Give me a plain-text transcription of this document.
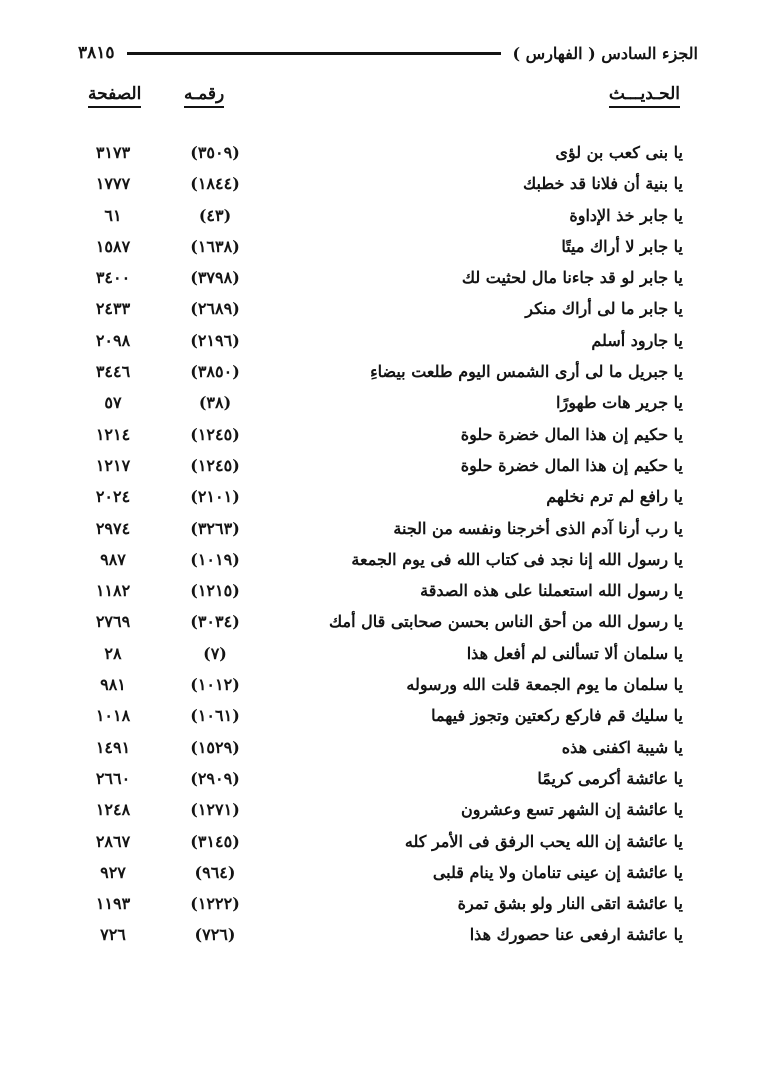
الجزء السادس ( الفهارس )
٣٨١٥
الحـديـــث
رقمـه
الصفحة
يا بنى كعب بن لؤى
(٣٥٠٩)
٣١٧٣
يا بنية أن فلانا قد خطبك
(١٨٤٤)
١٧٧٧
يا جابر خذ الإداوة
(٤٣)
٦١
يا جابر لا أراك ميتًا
(١٦٣٨)
١٥٨٧
يا جابر لو قد جاءنا مال لحثيت لك
(٣٧٩٨)
٣٤٠٠
يا جابر ما لى أراك منكر
(٢٦٨٩)
٢٤٣٣
يا جارود أسلم
(٢١٩٦)
٢٠٩٨
يا جبريل ما لى أرى الشمس اليوم طلعت بيضاءِ
(٣٨٥٠)
٣٤٤٦
يا جرير هات طهورًا
(٣٨)
٥٧
يا حكيم إن هذا المال خضرة حلوة
(١٢٤٥)
١٢١٤
يا حكيم إن هذا المال خضرة حلوة
(١٢٤٥)
١٢١٧
يا رافع لم ترم نخلهم
(٢١٠١)
٢٠٢٤
يا رب أرنا آدم الذى أخرجنا ونفسه من الجنة
(٣٢٦٣)
٢٩٧٤
يا رسول الله إنا نجد فى كتاب الله فى يوم الجمعة
(١٠١٩)
٩٨٧
يا رسول الله استعملنا على هذه الصدقة
(١٢١٥)
١١٨٢
يا رسول الله من أحق الناس بحسن صحابتى قال أمك
(٣٠٣٤)
٢٧٦٩
يا سلمان ألا تسألنى لم أفعل هذا
(٧)
٢٨
يا سلمان ما يوم الجمعة قلت الله ورسوله
(١٠١٢)
٩٨١
يا سليك قم فاركع ركعتين وتجوز فيهما
(١٠٦١)
١٠١٨
يا شيبة اكفنى هذه
(١٥٢٩)
١٤٩١
يا عائشة أكرمى كريمًا
(٢٩٠٩)
٢٦٦٠
يا عائشة إن الشهر تسع وعشرون
(١٢٧١)
١٢٤٨
يا عائشة إن الله يحب الرفق فى الأمر كله
(٣١٤٥)
٢٨٦٧
يا عائشة إن عينى تنامان ولا ينام قلبى
(٩٦٤)
٩٢٧
يا عائشة اتقى النار ولو بشق تمرة
(١٢٢٢)
١١٩٣
يا عائشة ارفعى عنا حصورك هذا
(٧٢٦)
٧٢٦
